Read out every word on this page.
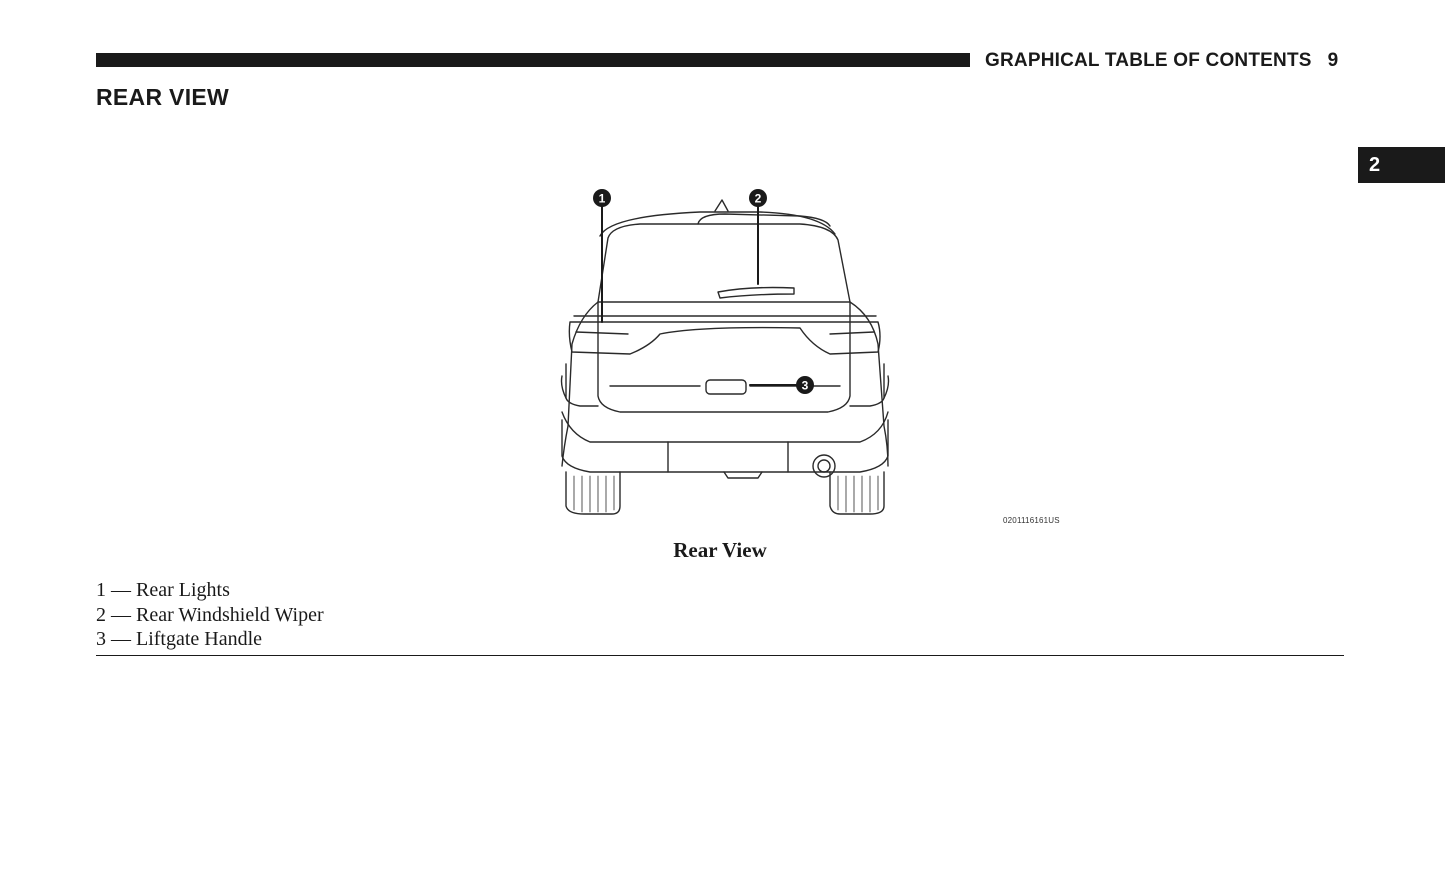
GRAPHICAL TABLE OF CONTENTS 9
REAR VIEW
2
1	2
3
0201116161US
Rear View
1 — Rear Lights
2 — Rear Windshield Wiper
3 — Liftgate Handle
